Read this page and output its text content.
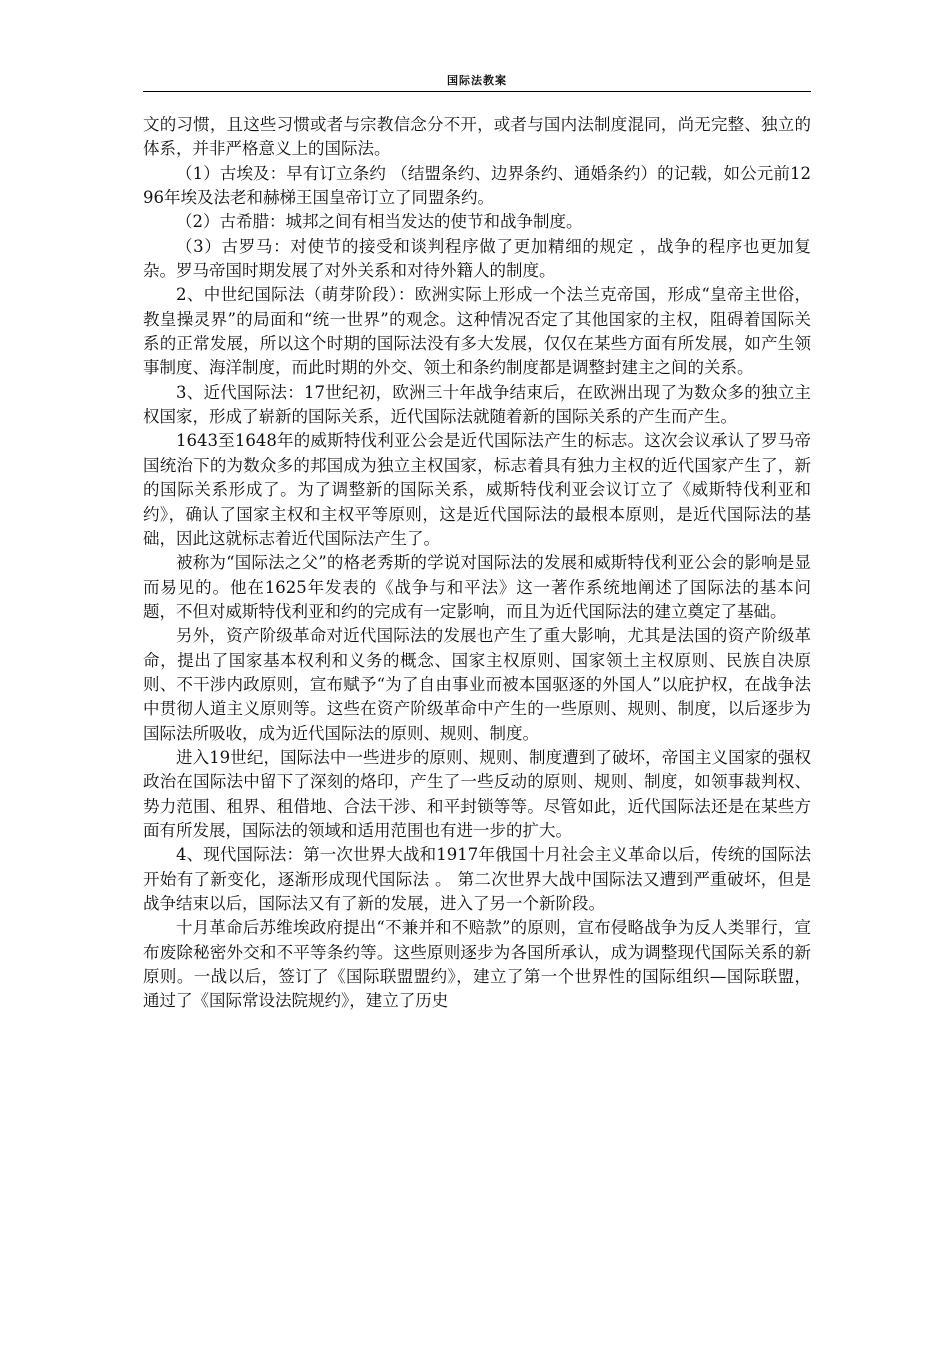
国际法教案

文的习惯，且这些习惯或者与宗教信念分不开，或者与国内法制度混同，尚无完整、独立的体系，并非严格意义上的国际法。

（1）古埃及：早有订立条约 （结盟条约、边界条约、通婚条约）的记载，如公元前1296年埃及法老和赫梯王国皇帝订立了同盟条约。

（2）古希腊：城邦之间有相当发达的使节和战争制度。

（3）古罗马：对使节的接受和谈判程序做了更加精细的规定 ，战争的程序也更加复杂。罗马帝国时期发展了对外关系和对待外籍人的制度。

2、中世纪国际法（萌芽阶段）：欧洲实际上形成一个法兰克帝国，形成“皇帝主世俗，教皇操灵界”的局面和“统一世界”的观念。这种情况否定了其他国家的主权，阻碍着国际关系的正常发展，所以这个时期的国际法没有多大发展，仅仅在某些方面有所发展，如产生领事制度、海洋制度，而此时期的外交、领土和条约制度都是调整封建主之间的关系。

3、近代国际法：17世纪初，欧洲三十年战争结束后，在欧洲出现了为数众多的独立主权国家，形成了崭新的国际关系，近代国际法就随着新的国际关系的产生而产生。

1643至1648年的威斯特伐利亚公会是近代国际法产生的标志。这次会议承认了罗马帝国统治下的为数众多的邦国成为独立主权国家，标志着具有独力主权的近代国家产生了，新的国际关系形成了。为了调整新的国际关系，威斯特伐利亚会议订立了《威斯特伐利亚和约》，确认了国家主权和主权平等原则，这是近代国际法的最根本原则，是近代国际法的基础，因此这就标志着近代国际法产生了。

被称为“国际法之父”的格老秀斯的学说对国际法的发展和威斯特伐利亚公会的影响是显而易见的。他在1625年发表的《战争与和平法》这一著作系统地阐述了国际法的基本问题，不但对威斯特伐利亚和约的完成有一定影响，而且为近代国际法的建立奠定了基础。

另外，资产阶级革命对近代国际法的发展也产生了重大影响，尤其是法国的资产阶级革命，提出了国家基本权利和义务的概念、国家主权原则、国家领土主权原则、民族自决原则、不干涉内政原则，宣布赋予“为了自由事业而被本国驱逐的外国人”以庇护权，在战争法中贯彻人道主义原则等。这些在资产阶级革命中产生的一些原则、规则、制度，以后逐步为国际法所吸收，成为近代国际法的原则、规则、制度。

进入19世纪，国际法中一些进步的原则、规则、制度遭到了破坏，帝国主义国家的强权政治在国际法中留下了深刻的烙印，产生了一些反动的原则、规则、制度，如领事裁判权、势力范围、租界、租借地、合法干涉、和平封锁等等。尽管如此，近代国际法还是在某些方面有所发展，国际法的领域和适用范围也有进一步的扩大。

4、现代国际法：第一次世界大战和1917年俄国十月社会主义革命以后，传统的国际法开始有了新变化，逐渐形成现代国际法 。 第二次世界大战中国际法又遭到严重破坏，但是战争结束以后，国际法又有了新的发展，进入了另一个新阶段。

十月革命后苏维埃政府提出“不兼并和不赔款”的原则，宣布侵略战争为反人类罪行，宣布废除秘密外交和不平等条约等。这些原则逐步为各国所承认，成为调整现代国际关系的新原则。一战以后，签订了《国际联盟盟约》，建立了第一个世界性的国际组织—国际联盟，通过了《国际常设法院规约》，建立了历史
